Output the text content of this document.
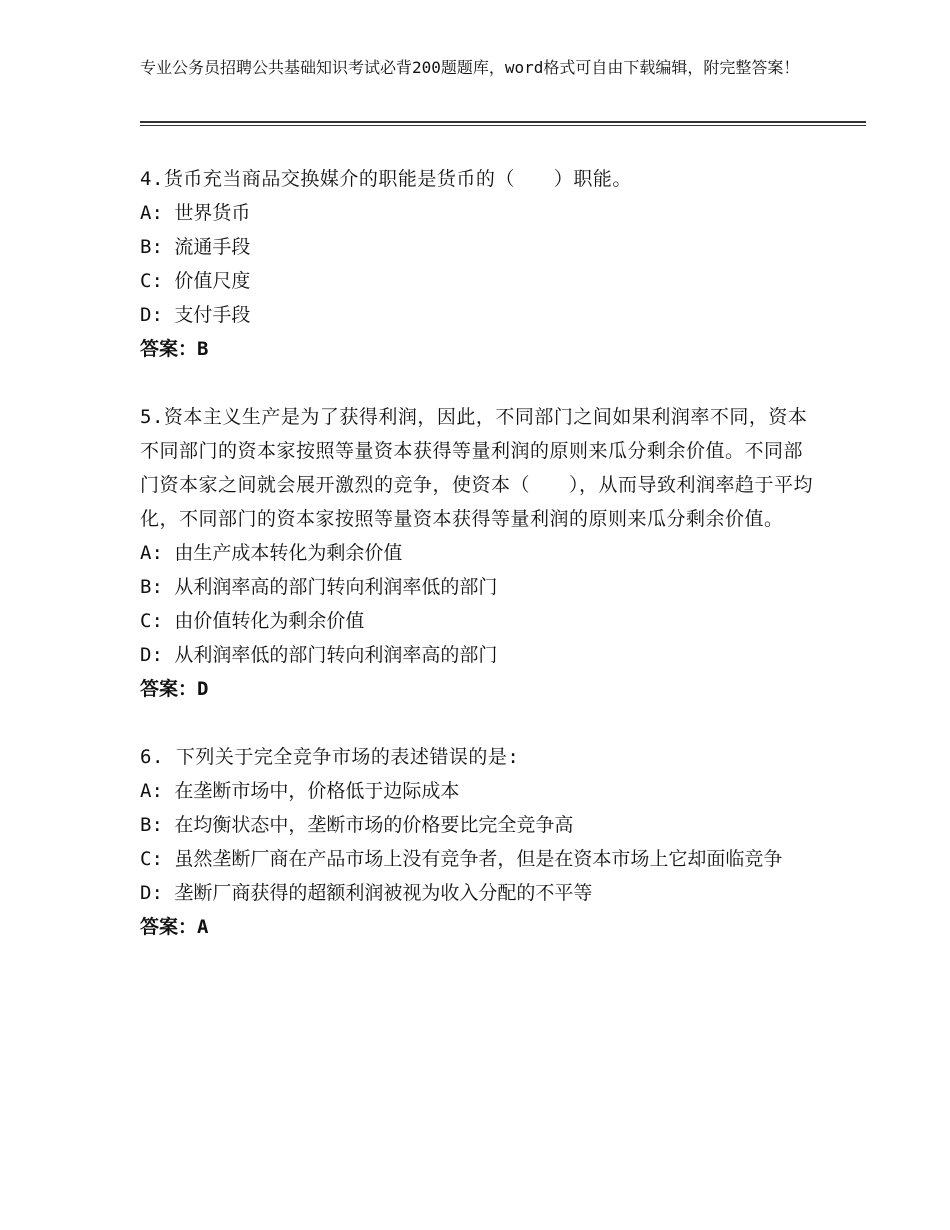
专业公务员招聘公共基础知识考试必背200题题库，word格式可自由下载编辑，附完整答案！
4.货币充当商品交换媒介的职能是货币的（　　）职能。
A: 世界货币
B: 流通手段
C: 价值尺度
D: 支付手段
答案：B
5.资本主义生产是为了获得利润，因此，不同部门之间如果利润率不同，资本不同部门的资本家按照等量资本获得等量利润的原则来瓜分剩余价值。不同部门资本家之间就会展开激烈的竞争，使资本（　　），从而导致利润率趋于平均化，不同部门的资本家按照等量资本获得等量利润的原则来瓜分剩余价值。
A: 由生产成本转化为剩余价值
B: 从利润率高的部门转向利润率低的部门
C: 由价值转化为剩余价值
D: 从利润率低的部门转向利润率高的部门
答案：D
6. 下列关于完全竞争市场的表述错误的是:
A: 在垄断市场中，价格低于边际成本
B: 在均衡状态中，垄断市场的价格要比完全竞争高
C: 虽然垄断厂商在产品市场上没有竞争者，但是在资本市场上它却面临竞争
D: 垄断厂商获得的超额利润被视为收入分配的不平等
答案：A
